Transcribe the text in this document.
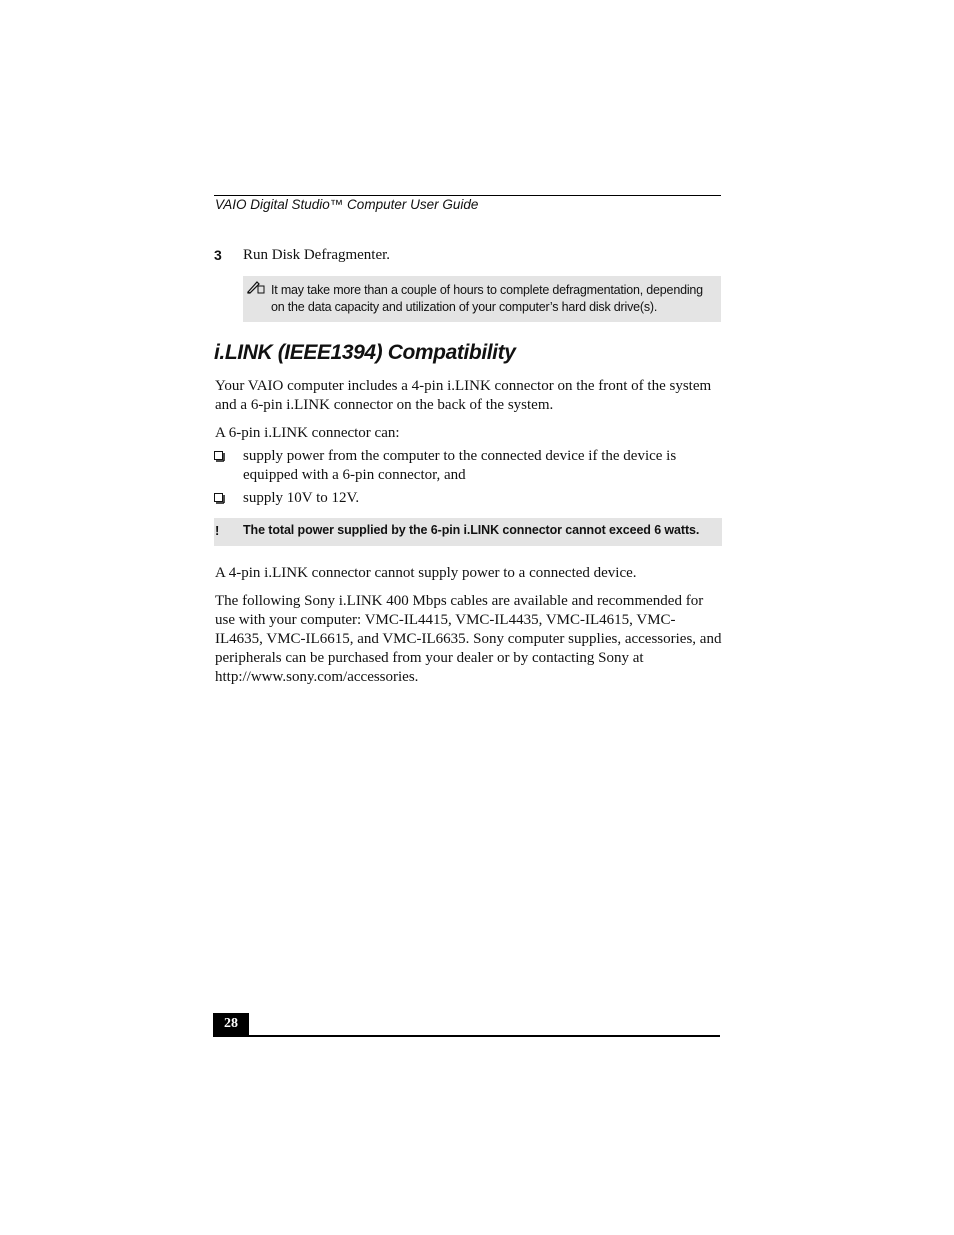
VAIO Digital Studio™ Computer User Guide
3 Run Disk Defragmenter.
It may take more than a couple of hours to complete defragmentation, depending on the data capacity and utilization of your computer’s hard disk drive(s).
i.LINK (IEEE1394) Compatibility
Your VAIO computer includes a 4-pin i.LINK connector on the front of the system and a 6-pin i.LINK connector on the back of the system.
A 6-pin i.LINK connector can:
supply power from the computer to the connected device if the device is equipped with a 6-pin connector, and
supply 10V to 12V.
! The total power supplied by the 6-pin i.LINK connector cannot exceed 6 watts.
A 4-pin i.LINK connector cannot supply power to a connected device.
The following Sony i.LINK 400 Mbps cables are available and recommended for use with your computer: VMC-IL4415, VMC-IL4435, VMC-IL4615, VMC-IL4635, VMC-IL6615, and VMC-IL6635. Sony computer supplies, accessories, and peripherals can be purchased from your dealer or by contacting Sony at http://www.sony.com/accessories.
28
